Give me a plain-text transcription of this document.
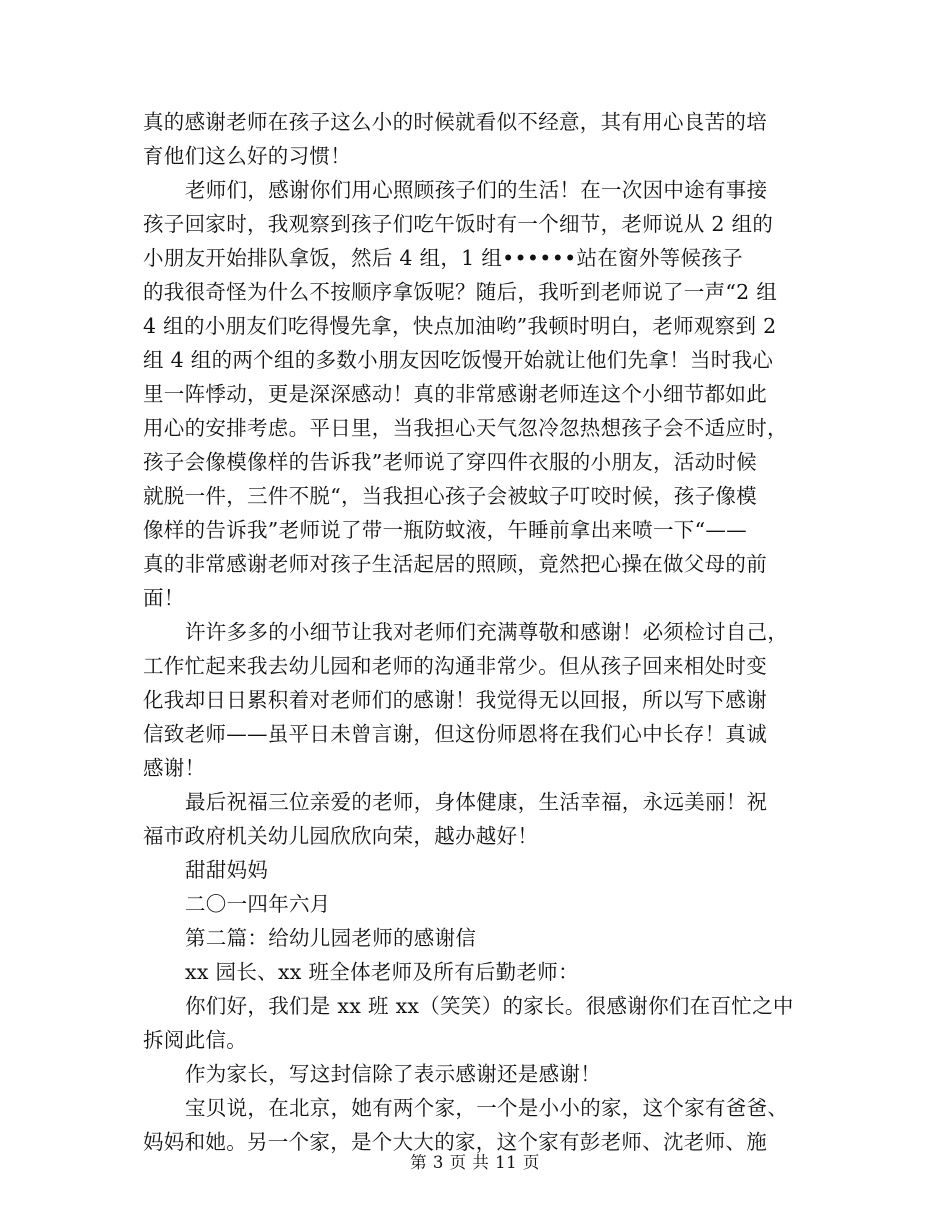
真的感谢老师在孩子这么小的时候就看似不经意，其有用心良苦的培
育他们这么好的习惯！
老师们，感谢你们用心照顾孩子们的生活！在一次因中途有事接
孩子回家时，我观察到孩子们吃午饭时有一个细节，老师说从 2 组的
小朋友开始排队拿饭，然后 4 组，1 组••••••站在窗外等候孩子
的我很奇怪为什么不按顺序拿饭呢？随后，我听到老师说了一声“2 组
4 组的小朋友们吃得慢先拿，快点加油哟”我顿时明白，老师观察到 2
组 4 组的两个组的多数小朋友因吃饭慢开始就让他们先拿！当时我心
里一阵悸动，更是深深感动！真的非常感谢老师连这个小细节都如此
用心的安排考虑。平日里，当我担心天气忽冷忽热想孩子会不适应时，
孩子会像模像样的告诉我”老师说了穿四件衣服的小朋友，活动时候
就脱一件，三件不脱“，当我担心孩子会被蚊子叮咬时候，孩子像模
像样的告诉我”老师说了带一瓶防蚊液，午睡前拿出来喷一下“——
真的非常感谢老师对孩子生活起居的照顾，竟然把心操在做父母的前
面！
许许多多的小细节让我对老师们充满尊敬和感谢！必须检讨自己，
工作忙起来我去幼儿园和老师的沟通非常少。但从孩子回来相处时变
化我却日日累积着对老师们的感谢！我觉得无以回报，所以写下感谢
信致老师——虽平日未曾言谢，但这份师恩将在我们心中长存！真诚
感谢！
最后祝福三位亲爱的老师，身体健康，生活幸福，永远美丽！祝
福市政府机关幼儿园欣欣向荣，越办越好！
甜甜妈妈
二〇一四年六月
第二篇：给幼儿园老师的感谢信
xx 园长、xx 班全体老师及所有后勤老师：
你们好，我们是 xx 班 xx（笑笑）的家长。很感谢你们在百忙之中
拆阅此信。
作为家长，写这封信除了表示感谢还是感谢！
宝贝说，在北京，她有两个家，一个是小小的家，这个家有爸爸、
妈妈和她。另一个家，是个大大的家，这个家有彭老师、沈老师、施
第 3 页 共 11 页
